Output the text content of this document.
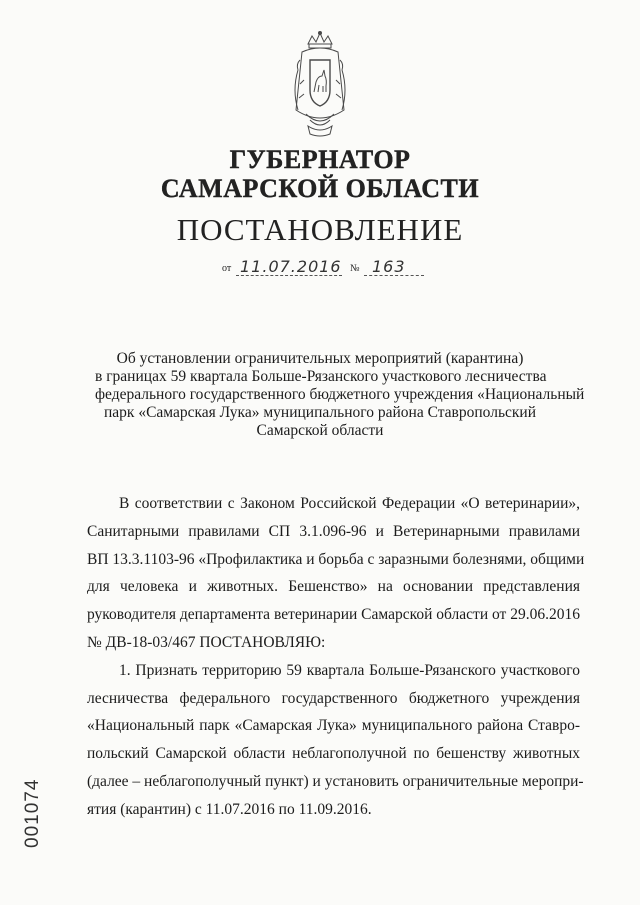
ГУБЕРНАТОР
САМАРСКОЙ ОБЛАСТИ
ПОСТАНОВЛЕНИЕ
от 11.07.2016 № 163
Об установлении ограничительных мероприятий (карантина)
в границах 59 квартала Больше-Рязанского участкового лесничества
федерального государственного бюджетного учреждения «Национальный
парк «Самарская Лука» муниципального района Ставропольский
Самарской области
В соответствии с Законом Российской Федерации «О ветеринарии»,
Санитарными правилами СП 3.1.096-96 и Ветеринарными правилами
ВП 13.3.1103-96 «Профилактика и борьба с заразными болезнями, общими
для человека и животных. Бешенство» на основании представления
руководителя департамента ветеринарии Самарской области от 29.06.2016
№ ДВ-18-03/467 ПОСТАНОВЛЯЮ:
1. Признать территорию 59 квартала Больше-Рязанского участкового
лесничества федерального государственного бюджетного учреждения
«Национальный парк «Самарская Лука» муниципального района Ставро-
польский Самарской области неблагополучной по бешенству животных
(далее – неблагополучный пункт) и установить ограничительные меропри-
ятия (карантин) с 11.07.2016 по 11.09.2016.
001074
